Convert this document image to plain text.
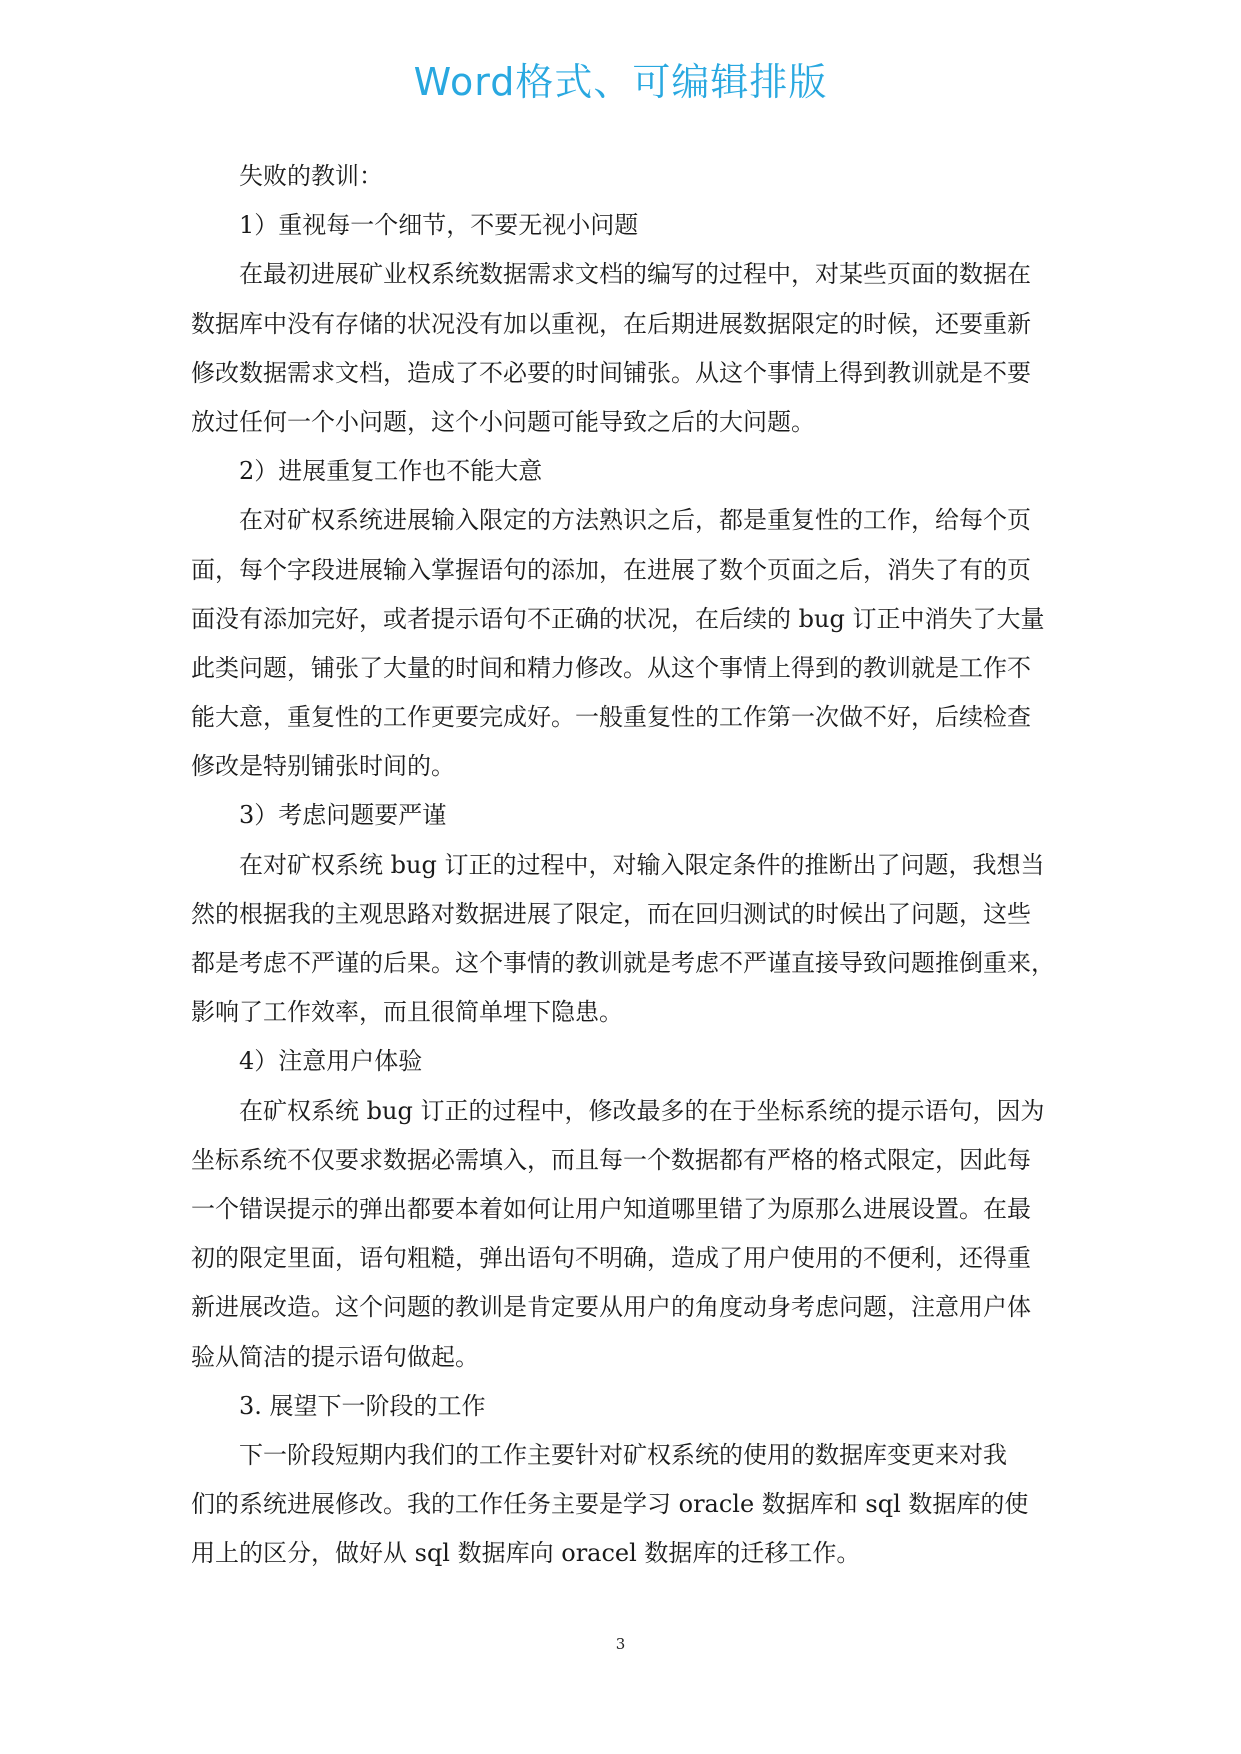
Word格式、可编辑排版
失败的教训：
1）重视每一个细节，不要无视小问题
在最初进展矿业权系统数据需求文档的编写的过程中，对某些页面的数据在
数据库中没有存储的状况没有加以重视，在后期进展数据限定的时候，还要重新
修改数据需求文档，造成了不必要的时间铺张。从这个事情上得到教训就是不要
放过任何一个小问题，这个小问题可能导致之后的大问题。
2）进展重复工作也不能大意
在对矿权系统进展输入限定的方法熟识之后，都是重复性的工作，给每个页
面，每个字段进展输入掌握语句的添加，在进展了数个页面之后，消失了有的页
面没有添加完好，或者提示语句不正确的状况，在后续的 bug 订正中消失了大量
此类问题，铺张了大量的时间和精力修改。从这个事情上得到的教训就是工作不
能大意，重复性的工作更要完成好。一般重复性的工作第一次做不好，后续检查
修改是特别铺张时间的。
3）考虑问题要严谨
在对矿权系统 bug 订正的过程中，对输入限定条件的推断出了问题，我想当
然的根据我的主观思路对数据进展了限定，而在回归测试的时候出了问题，这些
都是考虑不严谨的后果。这个事情的教训就是考虑不严谨直接导致问题推倒重来，
影响了工作效率，而且很简单埋下隐患。
4）注意用户体验
在矿权系统 bug 订正的过程中，修改最多的在于坐标系统的提示语句，因为
坐标系统不仅要求数据必需填入，而且每一个数据都有严格的格式限定，因此每
一个错误提示的弹出都要本着如何让用户知道哪里错了为原那么进展设置。在最
初的限定里面，语句粗糙，弹出语句不明确，造成了用户使用的不便利，还得重
新进展改造。这个问题的教训是肯定要从用户的角度动身考虑问题，注意用户体
验从简洁的提示语句做起。
3. 展望下一阶段的工作
下一阶段短期内我们的工作主要针对矿权系统的使用的数据库变更来对我
们的系统进展修改。我的工作任务主要是学习 oracle 数据库和 sql 数据库的使
用上的区分，做好从 sql 数据库向 oracel 数据库的迁移工作。
3
